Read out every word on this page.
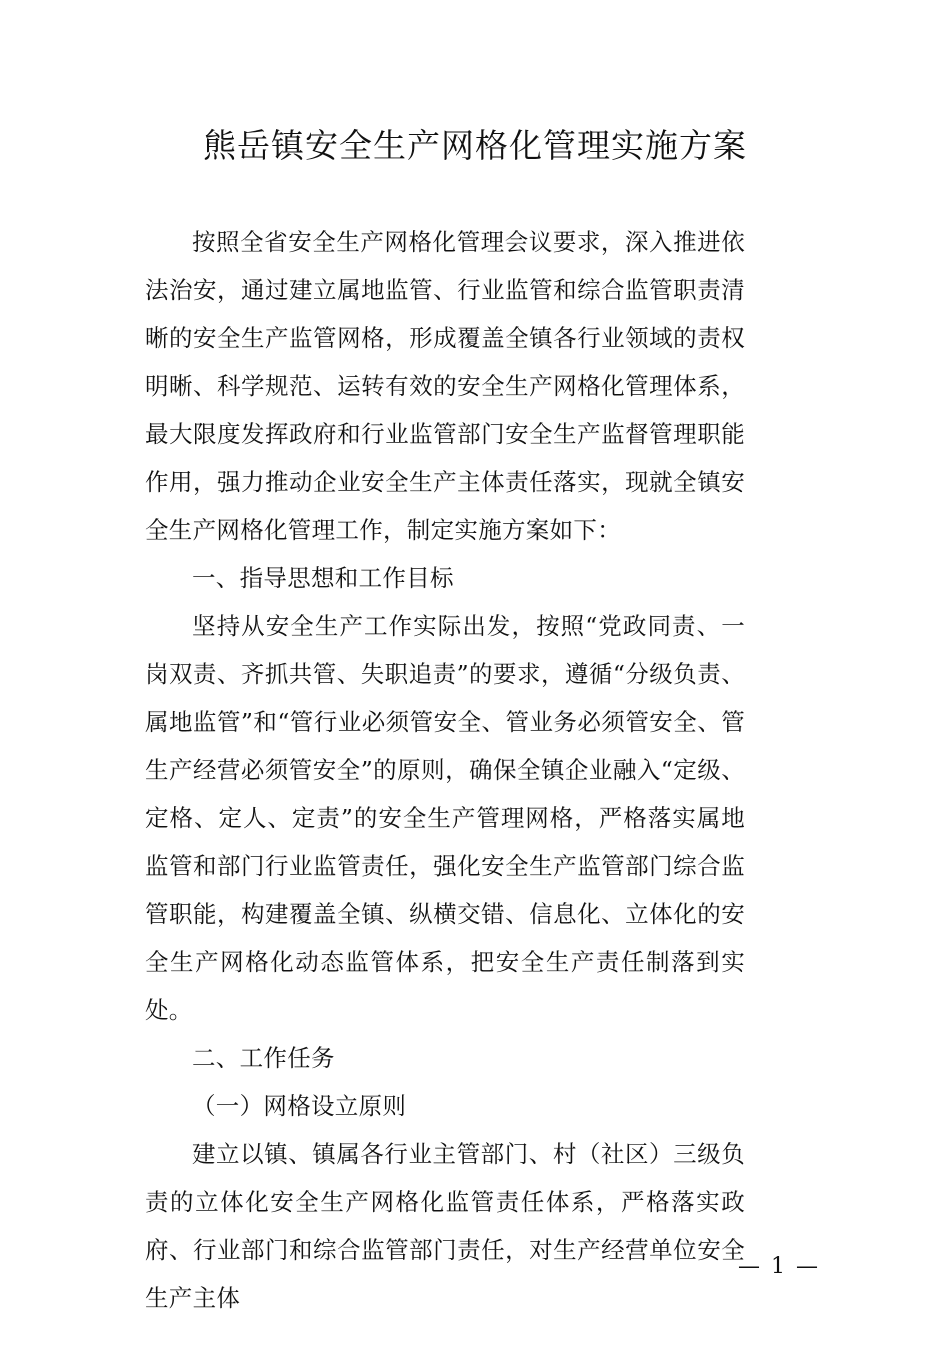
熊岳镇安全生产网格化管理实施方案

按照全省安全生产网格化管理会议要求，深入推进依法治安，通过建立属地监管、行业监管和综合监管职责清晰的安全生产监管网格，形成覆盖全镇各行业领域的责权明晰、科学规范、运转有效的安全生产网格化管理体系，最大限度发挥政府和行业监管部门安全生产监督管理职能作用，强力推动企业安全生产主体责任落实，现就全镇安全生产网格化管理工作，制定实施方案如下：

一、指导思想和工作目标

坚持从安全生产工作实际出发，按照“党政同责、一岗双责、齐抓共管、失职追责”的要求，遵循“分级负责、属地监管”和“管行业必须管安全、管业务必须管安全、管生产经营必须管安全”的原则，确保全镇企业融入“定级、定格、定人、定责”的安全生产管理网格，严格落实属地监管和部门行业监管责任，强化安全生产监管部门综合监管职能，构建覆盖全镇、纵横交错、信息化、立体化的安全生产网格化动态监管体系，把安全生产责任制落到实处。

二、工作任务

（一）网格设立原则

建立以镇、镇属各行业主管部门、村（社区）三级负责的立体化安全生产网格化监管责任体系，严格落实政府、行业部门和综合监管部门责任，对生产经营单位安全生产主体

— 1 —
